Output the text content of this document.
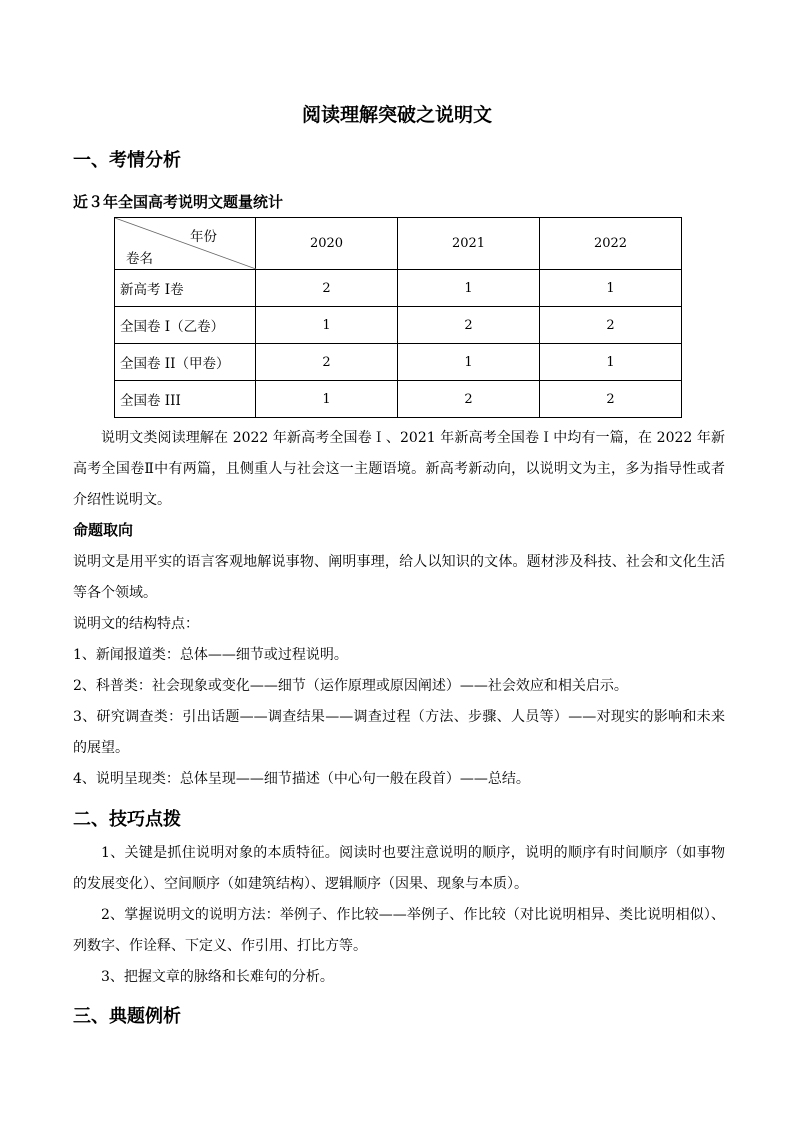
阅读理解突破之说明文
一、考情分析
近３年全国高考说明文题量统计
年份
卷名	2020	2021	2022
新高考 I卷	2	1	1
全国卷 I（乙卷）	1	2	2
全国卷 II（甲卷）	2	1	1
全国卷 III	1	2	2
说明文类阅读理解在 2022 年新高考全国卷Ｉ、2021 年新高考全国卷Ｉ中均有一篇，在 2022 年新高考全国卷Ⅱ中有两篇，且侧重人与社会这一主题语境。新高考新动向，以说明文为主，多为指导性或者介绍性说明文。
命题取向
说明文是用平实的语言客观地解说事物、阐明事理，给人以知识的文体。题材涉及科技、社会和文化生活等各个领域。
说明文的结构特点：
1、新闻报道类：总体——细节或过程说明。
2、科普类：社会现象或变化——细节（运作原理或原因阐述）——社会效应和相关启示。
3、研究调查类：引出话题——调查结果——调查过程（方法、步骤、人员等）——对现实的影响和未来的展望。
4、说明呈现类：总体呈现——细节描述（中心句一般在段首）——总结。
二、技巧点拨
1、关键是抓住说明对象的本质特征。阅读时也要注意说明的顺序，说明的顺序有时间顺序（如事物的发展变化）、空间顺序（如建筑结构）、逻辑顺序（因果、现象与本质）。
2、掌握说明文的说明方法：举例子、作比较——举例子、作比较（对比说明相异、类比说明相似）、列数字、作诠释、下定义、作引用、打比方等。
3、把握文章的脉络和长难句的分析。
三、典题例析
